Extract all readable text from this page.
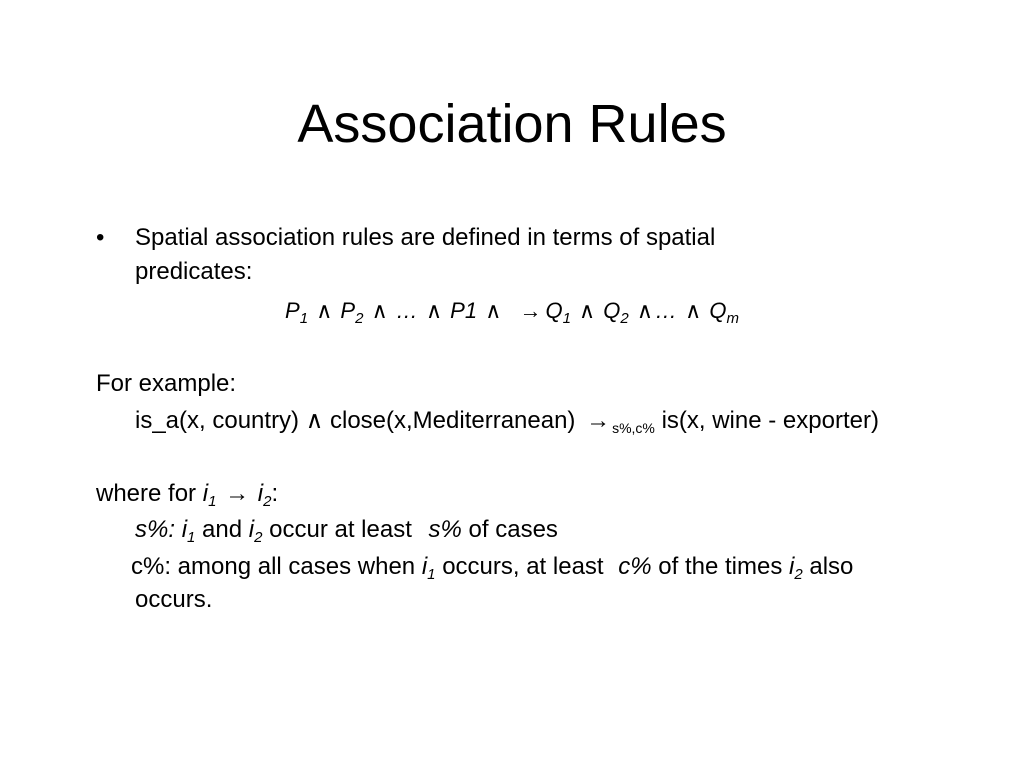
Association Rules
• Spatial association rules are defined in terms of spatial
predicates:
$P_1$ ∧ $P_2$ ∧ … ∧ P1 ∧ → $Q_1$ ∧ $Q_2$ ∧… ∧ $Q_m$
For example:
is_a(x, country) ∧ close(x,Mediterranean) → $_{s\%,c\%}$ is(x, wine - exporter)
where for $i_1 \to i_2$:
s%: $i_1$ and $i_2$ occur at least s% of cases
c%: among all cases when $i_1$ occurs, at least c% of the times $i_2$ also
occurs.
